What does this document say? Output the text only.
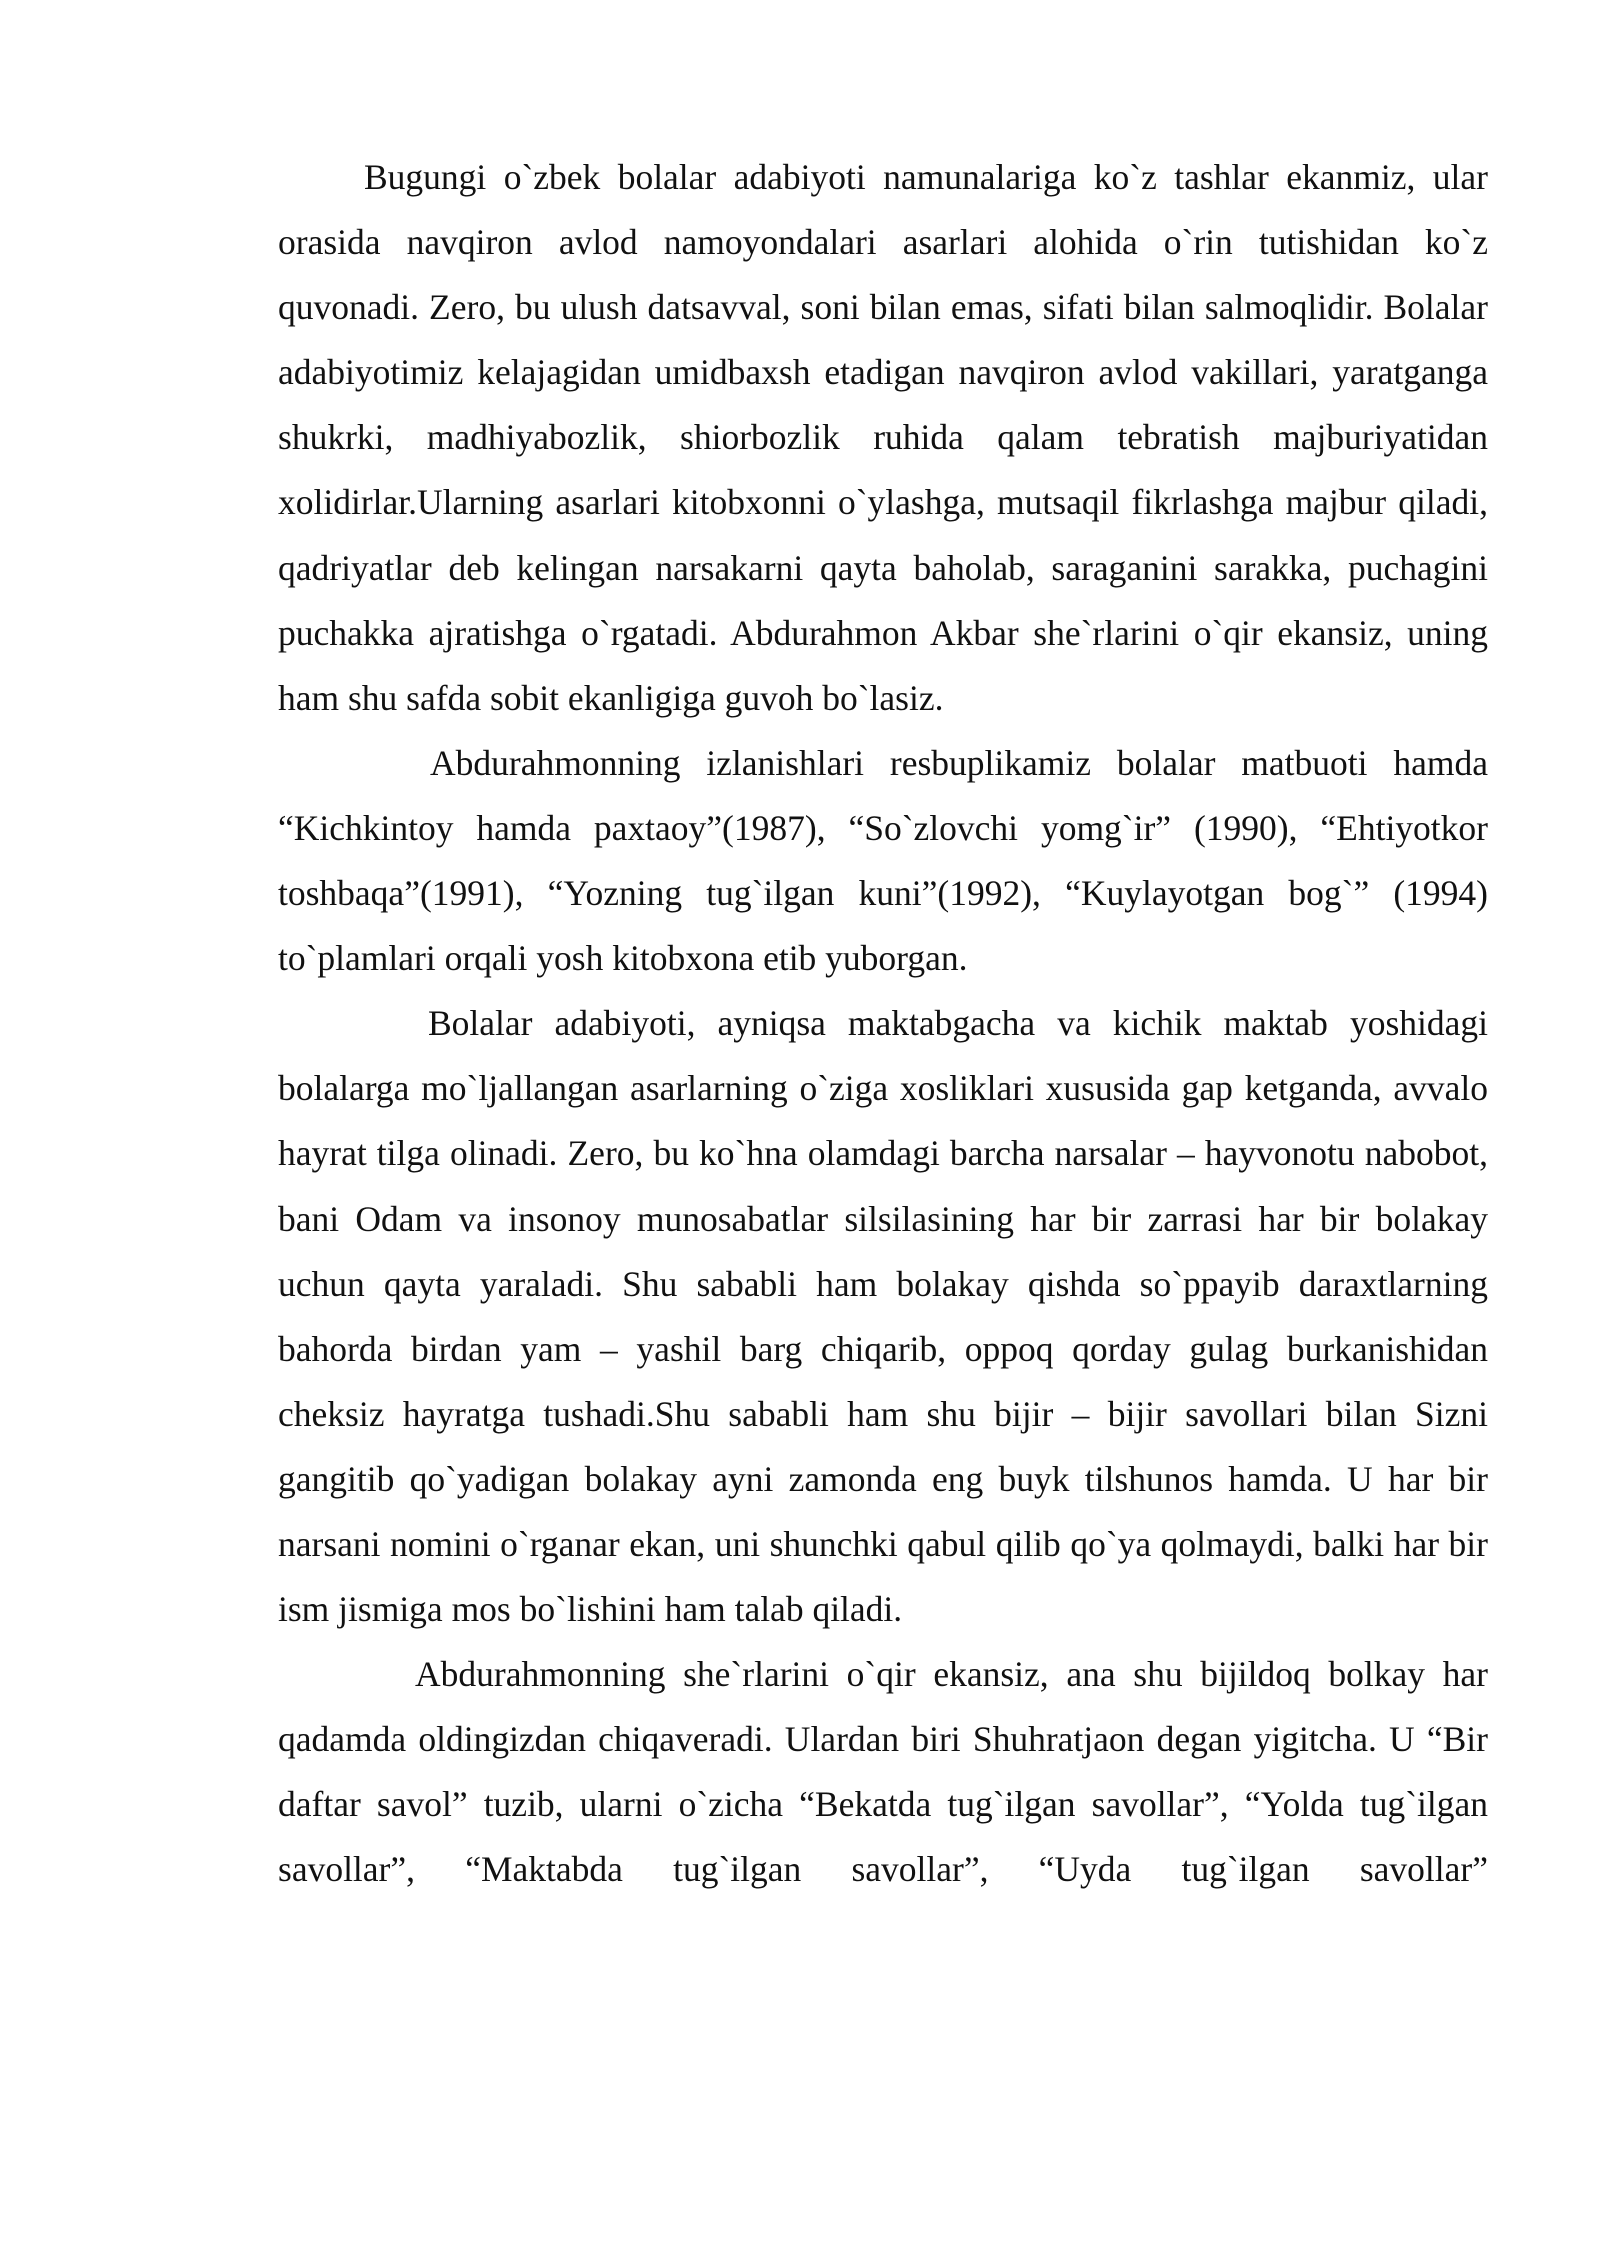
Bugungi o`zbek bolalar adabiyoti namunalariga ko`z tashlar ekanmiz, ular orasida navqiron avlod namoyondalari asarlari alohida o`rin tutishidan ko`z quvonadi. Zero, bu ulush datsavval, soni bilan emas, sifati bilan salmoqlidir. Bolalar adabiyotimiz kelajagidan umidbaxsh etadigan navqiron avlod vakillari, yaratganga shukrki, madhiyabozlik, shiorbozlik ruhida qalam tebratish majburiyatidan xolidirlar.Ularning asarlari kitobxonni o`ylashga, mutsaqil fikrlashga majbur qiladi, qadriyatlar deb kelingan narsakarni qayta baholab, saraganini sarakka, puchagini puchakka ajratishga o`rgatadi. Abdurahmon Akbar she`rlarini o`qir ekansiz, uning ham shu safda sobit ekanligiga guvoh bo`lasiz.

Abdurahmonning izlanishlari resbuplikamiz bolalar matbuoti hamda “Kichkintoy hamda paxtaoy”(1987), “So`zlovchi yomg`ir” (1990), “Ehtiyotkor toshbaqa”(1991), “Yozning tug`ilgan kuni”(1992), “Kuylayotgan bog`” (1994) to`plamlari orqali yosh kitobxona etib yuborgan.

Bolalar adabiyoti, ayniqsa maktabgacha va kichik maktab yoshidagi bolalarga mo`ljallangan asarlarning o`ziga xosliklari xususida gap ketganda, avvalo hayrat tilga olinadi. Zero, bu ko`hna olamdagi barcha narsalar – hayvonotu nabobot, bani Odam va insonoy munosabatlar silsilasining har bir zarrasi har bir bolakay uchun qayta yaraladi. Shu sababli ham bolakay qishda so`ppayib daraxtlarning bahorda birdan yam – yashil barg chiqarib, oppoq qorday gulag burkanishidan cheksiz hayratga tushadi.Shu sababli ham shu bijir – bijir savollari bilan Sizni gangitib qo`yadigan bolakay ayni zamonda eng buyk tilshunos hamda. U har bir narsani nomini o`rganar ekan, uni shunchki qabul qilib qo`ya qolmaydi, balki har bir ism jismiga mos bo`lishini ham talab qiladi.

Abdurahmonning she`rlarini o`qir ekansiz, ana shu bijildoq bolkay har qadamda oldingizdan chiqaveradi. Ulardan biri Shuhratjaon degan yigitcha. U “Bir daftar savol” tuzib, ularni o`zicha “Bekatda tug`ilgan savollar”, “Yolda tug`ilgan savollar”, “Maktabda tug`ilgan savollar”, “Uyda tug`ilgan savollar”
